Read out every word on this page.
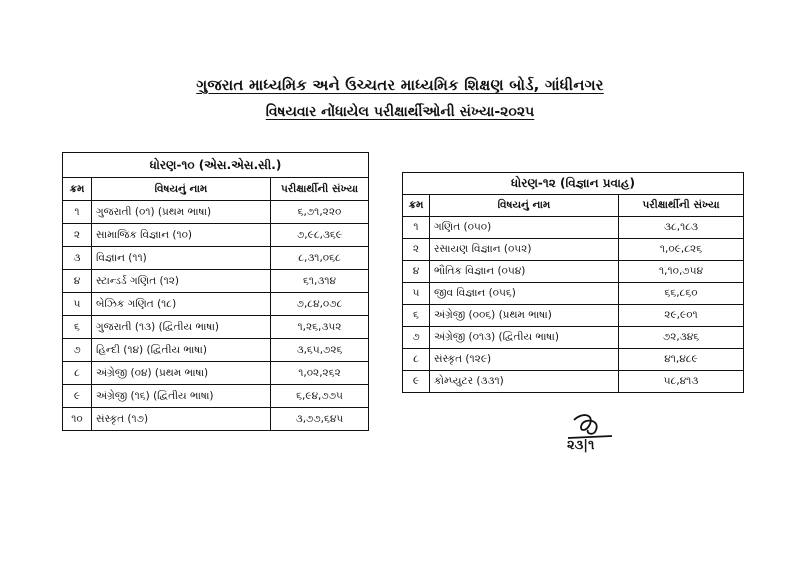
ગુજરાત માધ્યમિક અને ઉચ્ચતર માધ્યમિક શિક્ષણ બોર્ડ, ગાંધીનગર
વિષયવાર નોંધાયેલ પરીક્ષાર્થીઓની સંખ્યા-૨૦૨૫
ધોરણ-૧૦ (એસ.એસ.સી.)		
ક્રમ	વિષયનું નામ	પરીક્ષાર્થીની સંખ્યા
૧	ગુજરાતી (૦૧) (પ્રથમ ભાષા)	૬,૭૧,૨૨૦
૨	સામાજિક વિજ્ઞાન (૧૦)	૭,૯૮,૩૬૯
૩	વિજ્ઞાન (૧૧)	૮,૩૧,૦૬૮
૪	સ્ટાન્ડર્ડ ગણિત (૧૨)	૬૧,૩૧૪
૫	બેઝિક ગણિત (૧૮)	૭,૮૪,૦૭૮
૬	ગુજરાતી (૧૩) (દ્વિતીય ભાષા)	૧,૨૬,૩૫૨
૭	હિન્દી (૧૪) (દ્વિતીય ભાષા)	૩,૬૫,૭૨૬
૮	અંગ્રેજી (૦૪) (પ્રથમ ભાષા)	૧,૦૨,૨૬૨
૯	અંગ્રેજી (૧૬) (દ્વિતીય ભાષા)	૬,૯૪,૭૭૫
૧૦	સંસ્કૃત (૧૭)	૩,૭૭,૬૪૫
ધોરણ-૧૨ (વિજ્ઞાન પ્રવાહ)		
ક્રમ	વિષયનું નામ	પરીક્ષાર્થીની સંખ્યા
૧	ગણિત (૦૫૦)	૩૮,૧૮૩
૨	રસાયણ વિજ્ઞાન (૦૫૨)	૧,૦૯,૮૨૬
૪	ભૌતિક વિજ્ઞાન (૦૫૪)	૧,૧૦,૭૫૪
૫	જીવ વિજ્ઞાન (૦૫૬)	૬૬,૮૬૦
૬	અંગ્રેજી (૦૦૬) (પ્રથમ ભાષા)	૨૯,૯૦૧
૭	અંગ્રેજી (૦૧૩) (દ્વિતીય ભાષા)	૭૨,૩૪૬
૮	સંસ્કૃત (૧૨૯)	૪૧,૪૮૯
૯	કોમ્પ્યુટર (૩૩૧)	૫૮,૪૧૩
૨૩|૧
